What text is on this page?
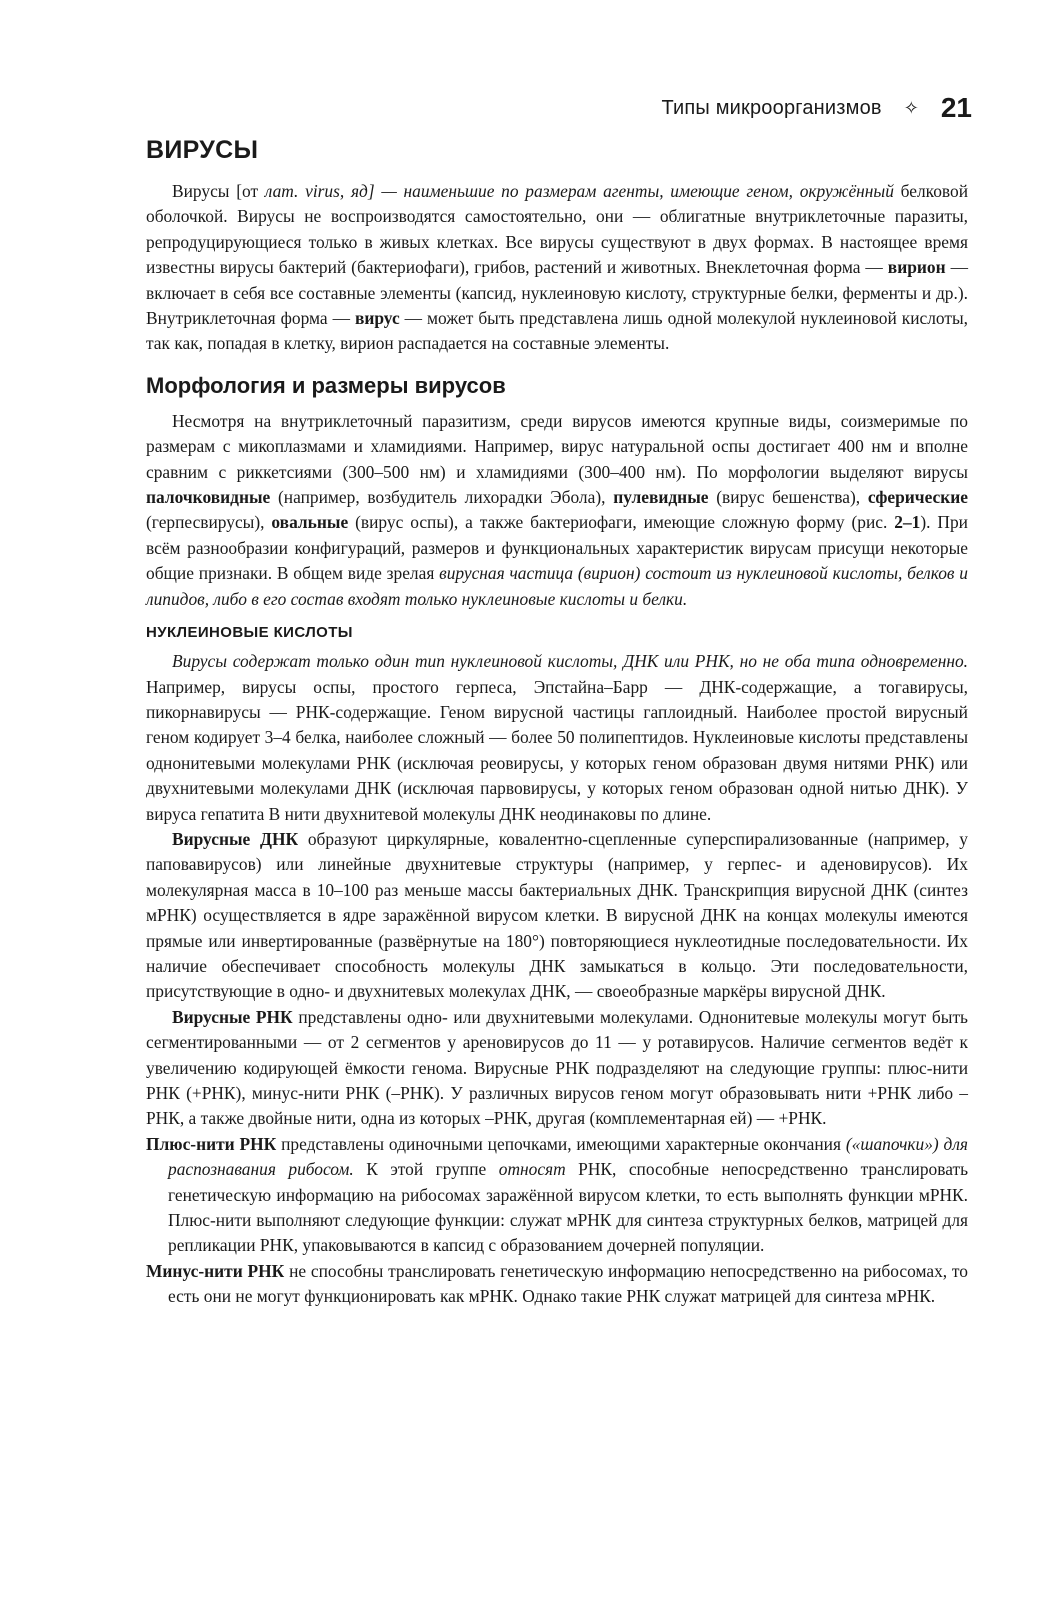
Типы микроорганизмов ✧ 21
ВИРУСЫ

Вирусы [от лат. virus, яд] — наименьшие по размерам агенты, имеющие геном, окружённый белковой оболочкой. Вирусы не воспроизводятся самостоятельно, они — облигатные внутриклеточные паразиты, репродуцирующиеся только в живых клетках. Все вирусы существуют в двух формах. В настоящее время известны вирусы бактерий (бактериофаги), грибов, растений и животных. Внеклеточная форма — вирион — включает в себя все составные элементы (капсид, нуклеиновую кислоту, структурные белки, ферменты и др.). Внутриклеточная форма — вирус — может быть представлена лишь одной молекулой нуклеиновой кислоты, так как, попадая в клетку, вирион распадается на составные элементы.

Морфология и размеры вирусов

Несмотря на внутриклеточный паразитизм, среди вирусов имеются крупные виды, соизмеримые по размерам с микоплазмами и хламидиями. Например, вирус натуральной оспы достигает 400 нм и вполне сравним с риккетсиями (300–500 нм) и хламидиями (300–400 нм). По морфологии выделяют вирусы палочковидные (например, возбудитель лихорадки Эбола), пулевидные (вирус бешенства), сферические (герпесвирусы), овальные (вирус оспы), а также бактериофаги, имеющие сложную форму (рис. 2–1). При всём разнообразии конфигураций, размеров и функциональных характеристик вирусам присущи некоторые общие признаки. В общем виде зрелая вирусная частица (вирион) состоит из нуклеиновой кислоты, белков и липидов, либо в его состав входят только нуклеиновые кислоты и белки.

НУКЛЕИНОВЫЕ КИСЛОТЫ

Вирусы содержат только один тип нуклеиновой кислоты, ДНК или РНК, но не оба типа одновременно. Например, вирусы оспы, простого герпеса, Эпстайна–Барр — ДНК-содержащие, а тогавирусы, пикорнавирусы — РНК-содержащие. Геном вирусной частицы гаплоидный. Наиболее простой вирусный геном кодирует 3–4 белка, наиболее сложный — более 50 полипептидов. Нуклеиновые кислоты представлены однонитевыми молекулами РНК (исключая реовирусы, у которых геном образован двумя нитями РНК) или двухнитевыми молекулами ДНК (исключая парвовирусы, у которых геном образован одной нитью ДНК). У вируса гепатита В нити двухнитевой молекулы ДНК неодинаковы по длине.

Вирусные ДНК образуют циркулярные, ковалентно-сцепленные суперспирализованные (например, у паповавирусов) или линейные двухнитевые структуры (например, у герпес- и аденовирусов). Их молекулярная масса в 10–100 раз меньше массы бактериальных ДНК. Транскрипция вирусной ДНК (синтез мРНК) осуществляется в ядре заражённой вирусом клетки. В вирусной ДНК на концах молекулы имеются прямые или инвертированные (развёрнутые на 180°) повторяющиеся нуклеотидные последовательности. Их наличие обеспечивает способность молекулы ДНК замыкаться в кольцо. Эти последовательности, присутствующие в одно- и двухнитевых молекулах ДНК, — своеобразные маркёры вирусной ДНК.

Вирусные РНК представлены одно- или двухнитевыми молекулами. Однонитевые молекулы могут быть сегментированными — от 2 сегментов у ареновирусов до 11 — у ротавирусов. Наличие сегментов ведёт к увеличению кодирующей ёмкости генома. Вирусные РНК подразделяют на следующие группы: плюс-нити РНК (+РНК), минус-нити РНК (–РНК). У различных вирусов геном могут образовывать нити +РНК либо –РНК, а также двойные нити, одна из которых –РНК, другая (комплементарная ей) — +РНК.

Плюс-нити РНК представлены одиночными цепочками, имеющими характерные окончания («шапочки») для распознавания рибосом. К этой группе относят РНК, способные непосредственно транслировать генетическую информацию на рибосомах заражённой вирусом клетки, то есть выполнять функции мРНК. Плюс-нити выполняют следующие функции: служат мРНК для синтеза структурных белков, матрицей для репликации РНК, упаковываются в капсид с образованием дочерней популяции.

Минус-нити РНК не способны транслировать генетическую информацию непосредственно на рибосомах, то есть они не могут функционировать как мРНК. Однако такие РНК служат матрицей для синтеза мРНК.
